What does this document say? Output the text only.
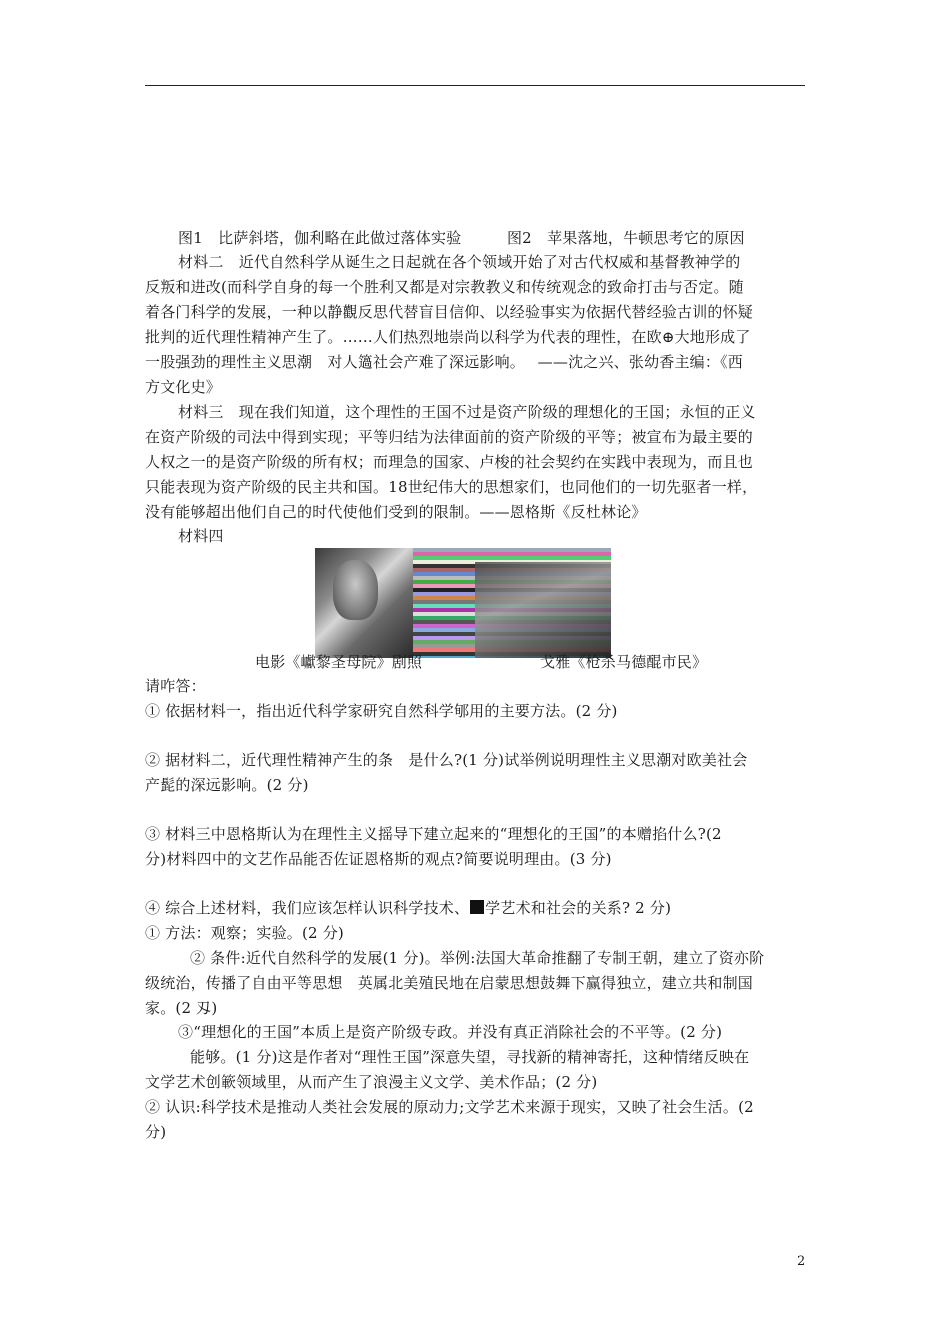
图1　比萨斜塔，伽利略在此做过落体实验　　　图2　苹果落地，牛顿思考它的原因
材料二　近代自然科学从诞生之日起就在各个领域开始了对古代权威和基督教神学的
反叛和进改(而科学自身的每一个胜利又都是对宗教教义和传统观念的致命打击与否定。随
着各门科学的发展，一种以静觀反思代替盲目信仰、以经验事实为依据代替经验古训的怀疑
批判的近代理性精神产生了。……人们热烈地崇尚以科学为代表的理性，在欧⊕大地形成了
一股强劲的理性主义思潮　对人簻社会产难了深远影响。　 ——沈之兴、张幼香主编：《西
方文化史》
材料三　现在我们知道，这个理性的王国不过是资产阶级的理想化的王国；永恒的正义
在资产阶级的司法中得到实现；平等归结为法律面前的资产阶级的平等；被宣布为最主要的
人权之一的是资产阶级的所有权；而理急的国家、卢梭的社会契约在实践中表现为，而且也
只能表现为资产阶级的民主共和国。18世纪伟大的思想家们，也同他们的一切先驱者一样，
没有能够超出他们自己的时代使他们受到的限制。——恩格斯《反杜林论》
材料四
电影《巘黎圣母院》剧照	戈雅《枪杀马德醌市民》
请咋答：
① 依据材料一，指出近代科学家研究自然科学郇用的主要方法。(2 分)
② 据材料二，近代理性精神产生的条　是什么?(1 分)试举例说明理性主义思潮对欧美社会
产髭的深远影响。(2 分)
③ 材料三中恩格斯认为在理性主义摇导下建立起来的“理想化的王国”的本赠掐什么?(2
分)材料四中的文艺作品能否佐证恩格斯的观点?简要说明理由。(3 分)
④ 综合上述材料，我们应该怎样认识科学技术、 学艺术和社会的关系? 2 分)
① 方法：观察；实验。(2 分)
② 条件:近代自然科学的发展(1 分)。举例:法国大革命推翻了专制王朝，建立了资亦阶
级统治，传播了自由平等思想　英属北美殖民地在启蒙思想鼓舞下赢得独立，建立共和制国
家。(2 刄)
③“理想化的王国”本质上是资产阶级专政。并没有真正消除社会的不平等。(2 分)
能够。(1 分)这是作者对“理性王国”深意失望，寻找新的精神寄托，这种情绪反映在
文学艺术创簐领域里，从而产生了浪漫主义文学、美术作品；(2 分)
② 认识:科学技术是推动人类社会发展的原动力;文学艺术来源于现实，又映了社会生活。(2
分)
2
